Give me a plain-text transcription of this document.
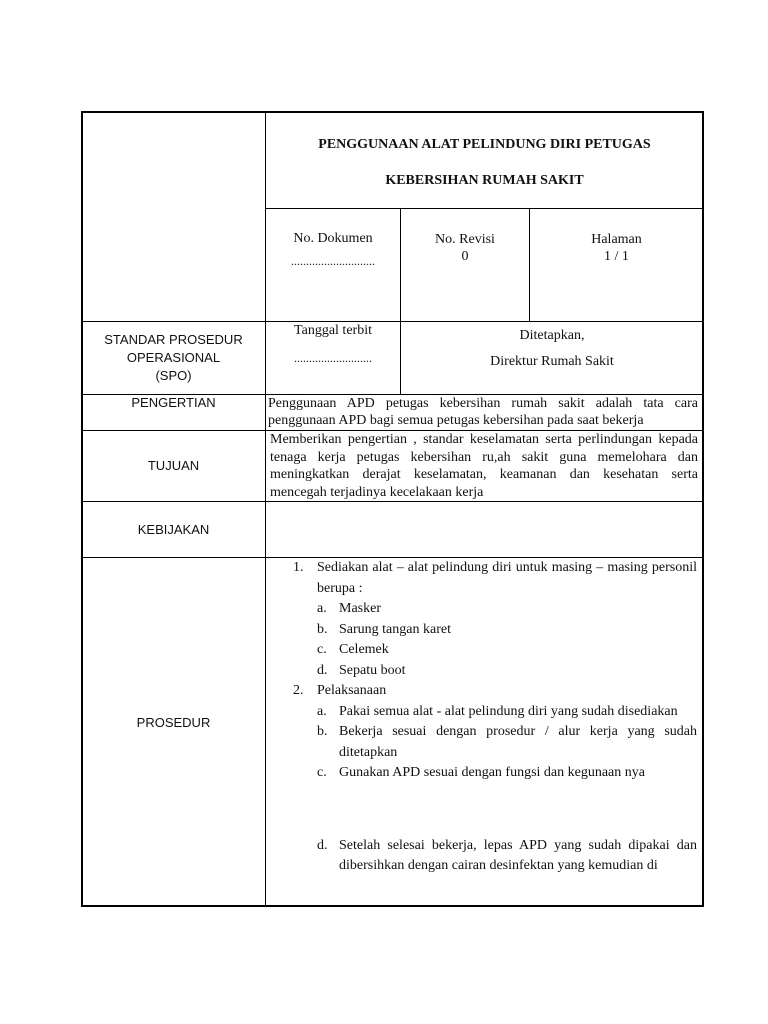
PENGGUNAAN ALAT PELINDUNG DIRI PETUGAS
KEBERSIHAN RUMAH SAKIT
No. Dokumen
............................
No. Revisi
0
Halaman
1 / 1
STANDAR PROSEDUR
OPERASIONAL
(SPO)
Tanggal terbit
..........................
Ditetapkan,
Direktur Rumah Sakit
PENGERTIAN	Penggunaan APD petugas kebersihan rumah sakit adalah tata cara penggunaan APD bagi semua petugas kebersihan pada saat bekerja
TUJUAN
Memberikan pengertian , standar keselamatan serta perlindungan kepada tenaga kerja petugas kebersihan ru,ah sakit guna memelohara dan meningkatkan derajat keselamatan, keamanan dan kesehatan serta mencegah terjadinya kecelakaan kerja
KEBIJAKAN
PROSEDUR
1. Sediakan alat – alat pelindung diri untuk masing – masing personil berupa :
a. Masker
b. Sarung tangan karet
c. Celemek
d. Sepatu boot
2. Pelaksanaan
a. Pakai semua alat - alat pelindung diri yang sudah disediakan
b. Bekerja sesuai dengan prosedur / alur kerja yang sudah ditetapkan
c. Gunakan APD sesuai dengan fungsi dan kegunaan nya
d. Setelah selesai bekerja, lepas APD yang sudah dipakai dan dibersihkan dengan cairan desinfektan yang kemudian di
